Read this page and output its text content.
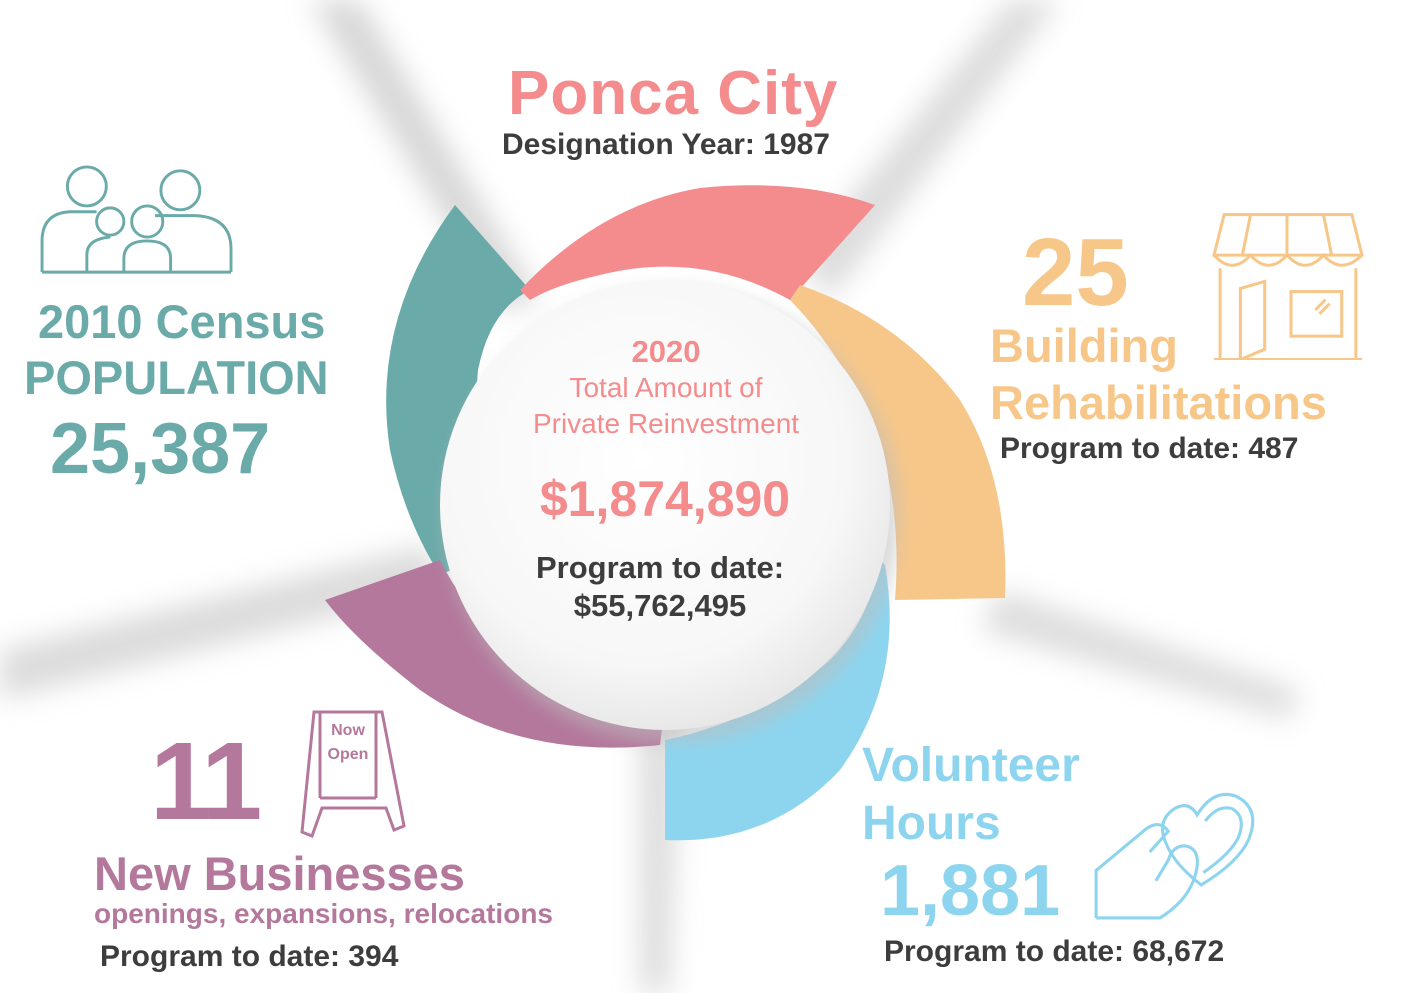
Ponca City
Designation Year: 1987
2020
Total Amount of
Private Reinvestment
$1,874,890
Program to date:
$55,762,495
2010 Census
POPULATION
25,387
25
Building
Rehabilitations
Program to date: 487
11	Now
Open
New Businesses
openings, expansions, relocations
Program to date: 394
Volunteer
Hours
1,881
Program to date: 68,672
